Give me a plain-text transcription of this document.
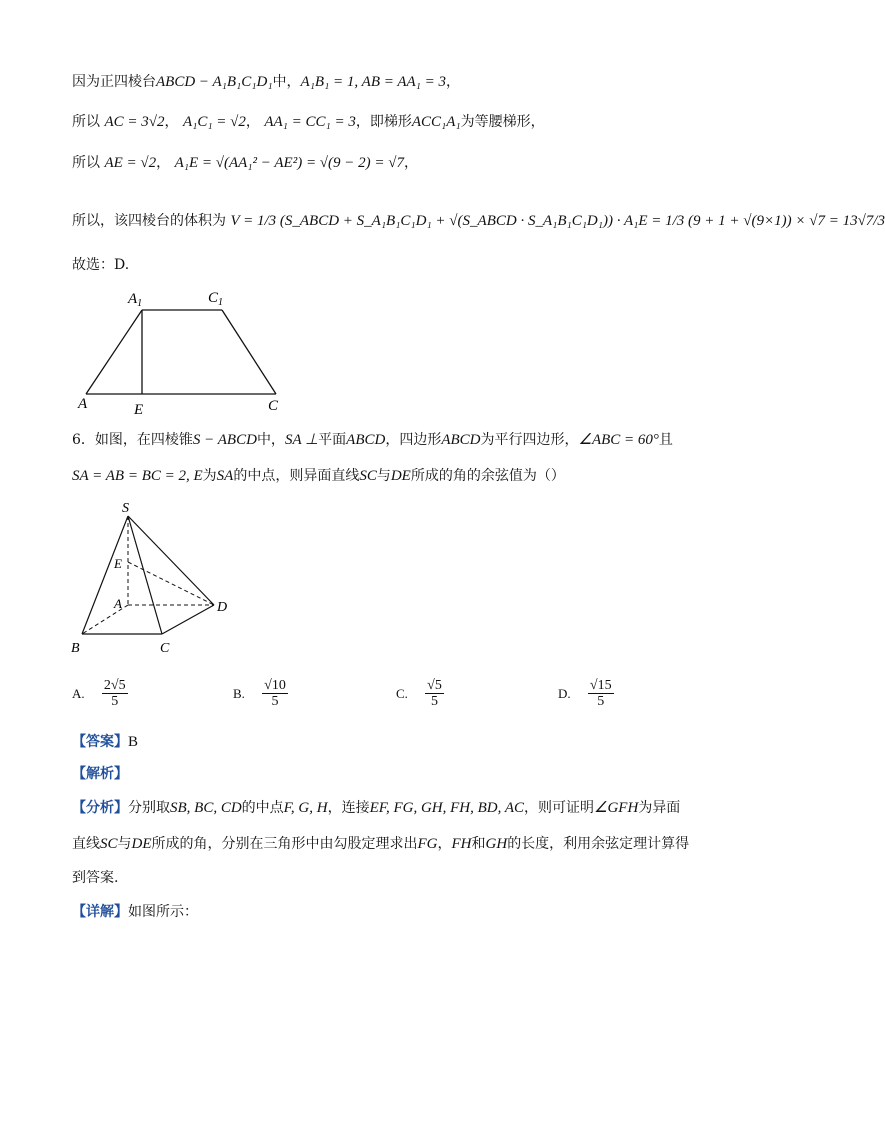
因为正四棱台ABCD − A₁B₁C₁D₁中，A₁B₁ = 1, AB = AA₁ = 3，
所以 AC = 3√2， A₁C₁ = √2， AA₁ = CC₁ = 3，即梯形ACC₁A₁为等腰梯形，
所以 AE = √2， A₁E = √(AA₁² − AE²) = √(9 − 2) = √7，
所以，该四棱台的体积为 V = 1/3 (S_ABCD + S_A₁B₁C₁D₁ + √(S_ABCD · S_A₁B₁C₁D₁)) · A₁E = 1/3 (9 + 1 + √(9×1)) × √7 = 13√7/3
故选：D.
$A_1$	$C_1$
A	E	C
6．如图，在四棱锥S − ABCD中，SA ⊥平面ABCD，四边形ABCD为平行四边形，∠ABC = 60°且
SA = AB = BC = 2, E为SA的中点，则异面直线SC与DE所成的角的余弦值为（）
S
E
A	D
B	C
A. $\frac{2√5}{5}$	B. $\frac{√10}{5}$	C. $\frac{√5}{5}$	D. $\frac{√15}{5}$
【答案】B
【解析】
【分析】分别取SB, BC, CD的中点F, G, H，连接EF, FG, GH, FH, BD, AC，则可证明∠GFH为异面
直线SC与DE所成的角，分别在三角形中由勾股定理求出FG，FH和GH的长度，利用余弦定理计算得
到答案.
【详解】如图所示：
